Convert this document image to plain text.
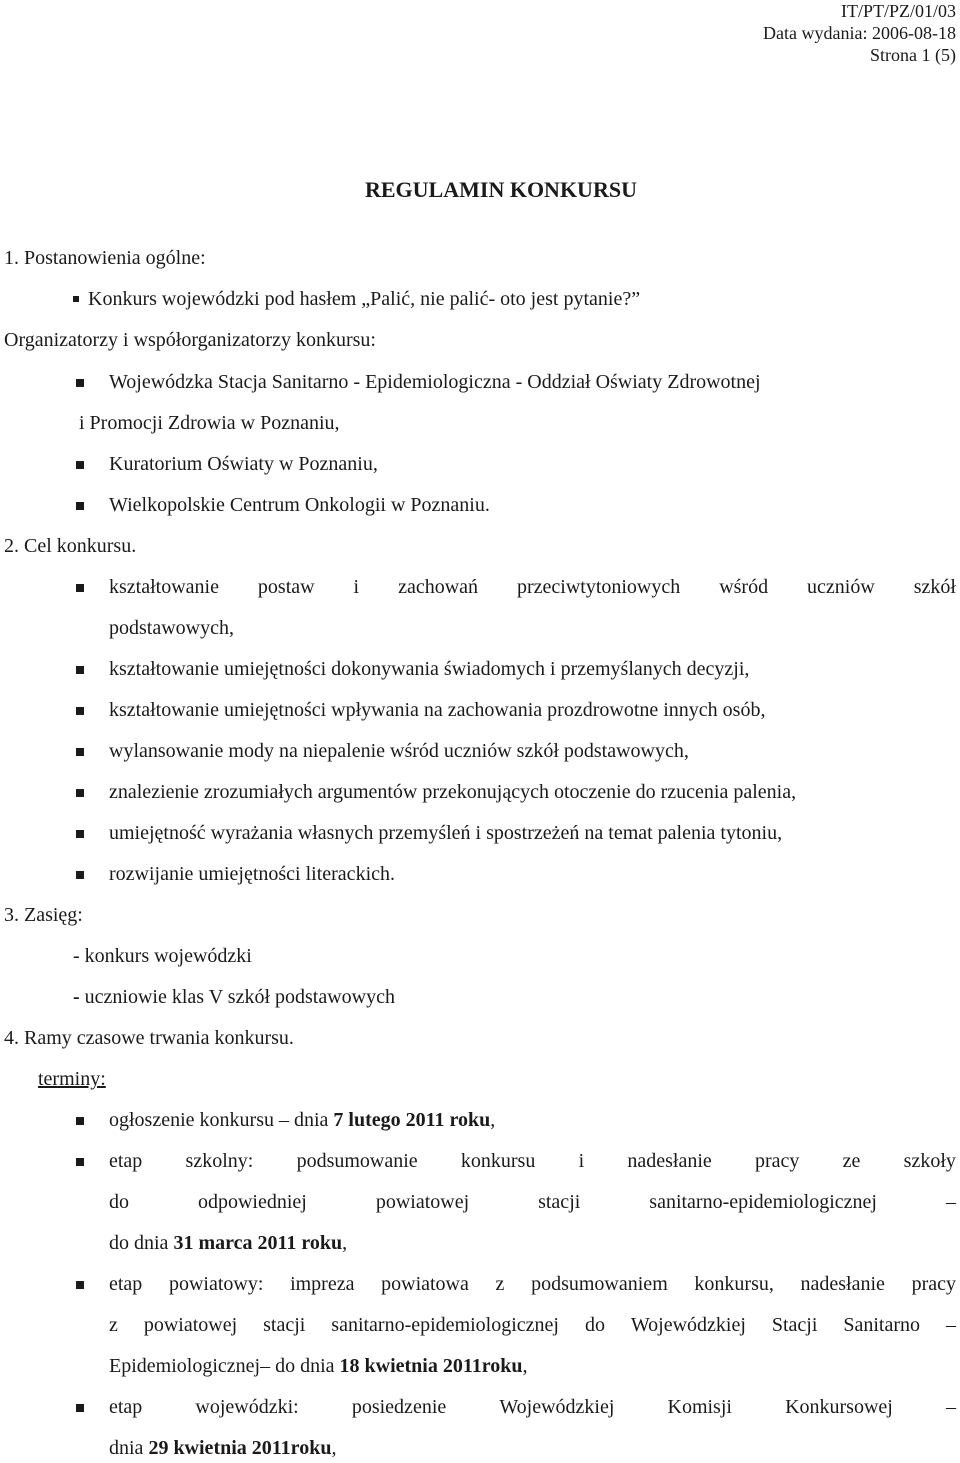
IT/PT/PZ/01/03
Data wydania: 2006-08-18
Strona 1 (5)
REGULAMIN KONKURSU
1. Postanowienia ogólne:
Konkurs wojewódzki pod hasłem „Palić, nie palić- oto jest pytanie?”
Organizatorzy i współorganizatorzy konkursu:
Wojewódzka Stacja Sanitarno - Epidemiologiczna - Oddział Oświaty Zdrowotnej
i Promocji Zdrowia w Poznaniu,
Kuratorium Oświaty w Poznaniu,
Wielkopolskie Centrum Onkologii w Poznaniu.
2. Cel konkursu.
kształtowanie postaw i zachowań przeciwtytoniowych wśród uczniów szkół
podstawowych,
kształtowanie umiejętności dokonywania świadomych i przemyślanych decyzji,
kształtowanie umiejętności wpływania na zachowania prozdrowotne innych osób,
wylansowanie mody na niepalenie wśród uczniów szkół podstawowych,
znalezienie zrozumiałych argumentów przekonujących otoczenie do rzucenia palenia,
umiejętność wyrażania własnych przemyśleń i spostrzeżeń na temat palenia tytoniu,
rozwijanie umiejętności literackich.
3. Zasięg:
- konkurs wojewódzki
- uczniowie klas V szkół podstawowych
4. Ramy czasowe trwania konkursu.
terminy:
ogłoszenie konkursu – dnia 7 lutego 2011 roku,
etap szkolny: podsumowanie konkursu i nadesłanie pracy ze szkoły
do	odpowiedniej	powiatowej	stacji	sanitarno-epidemiologicznej	–
do dnia 31 marca 2011 roku,
etap powiatowy: impreza powiatowa z podsumowaniem konkursu, nadesłanie pracy
z powiatowej stacji sanitarno-epidemiologicznej do Wojewódzkiej Stacji Sanitarno –
Epidemiologicznej– do dnia 18 kwietnia 2011roku,
etap	wojewódzki:	posiedzenie	Wojewódzkiej	Komisji	Konkursowej	–
dnia 29 kwietnia 2011roku,
